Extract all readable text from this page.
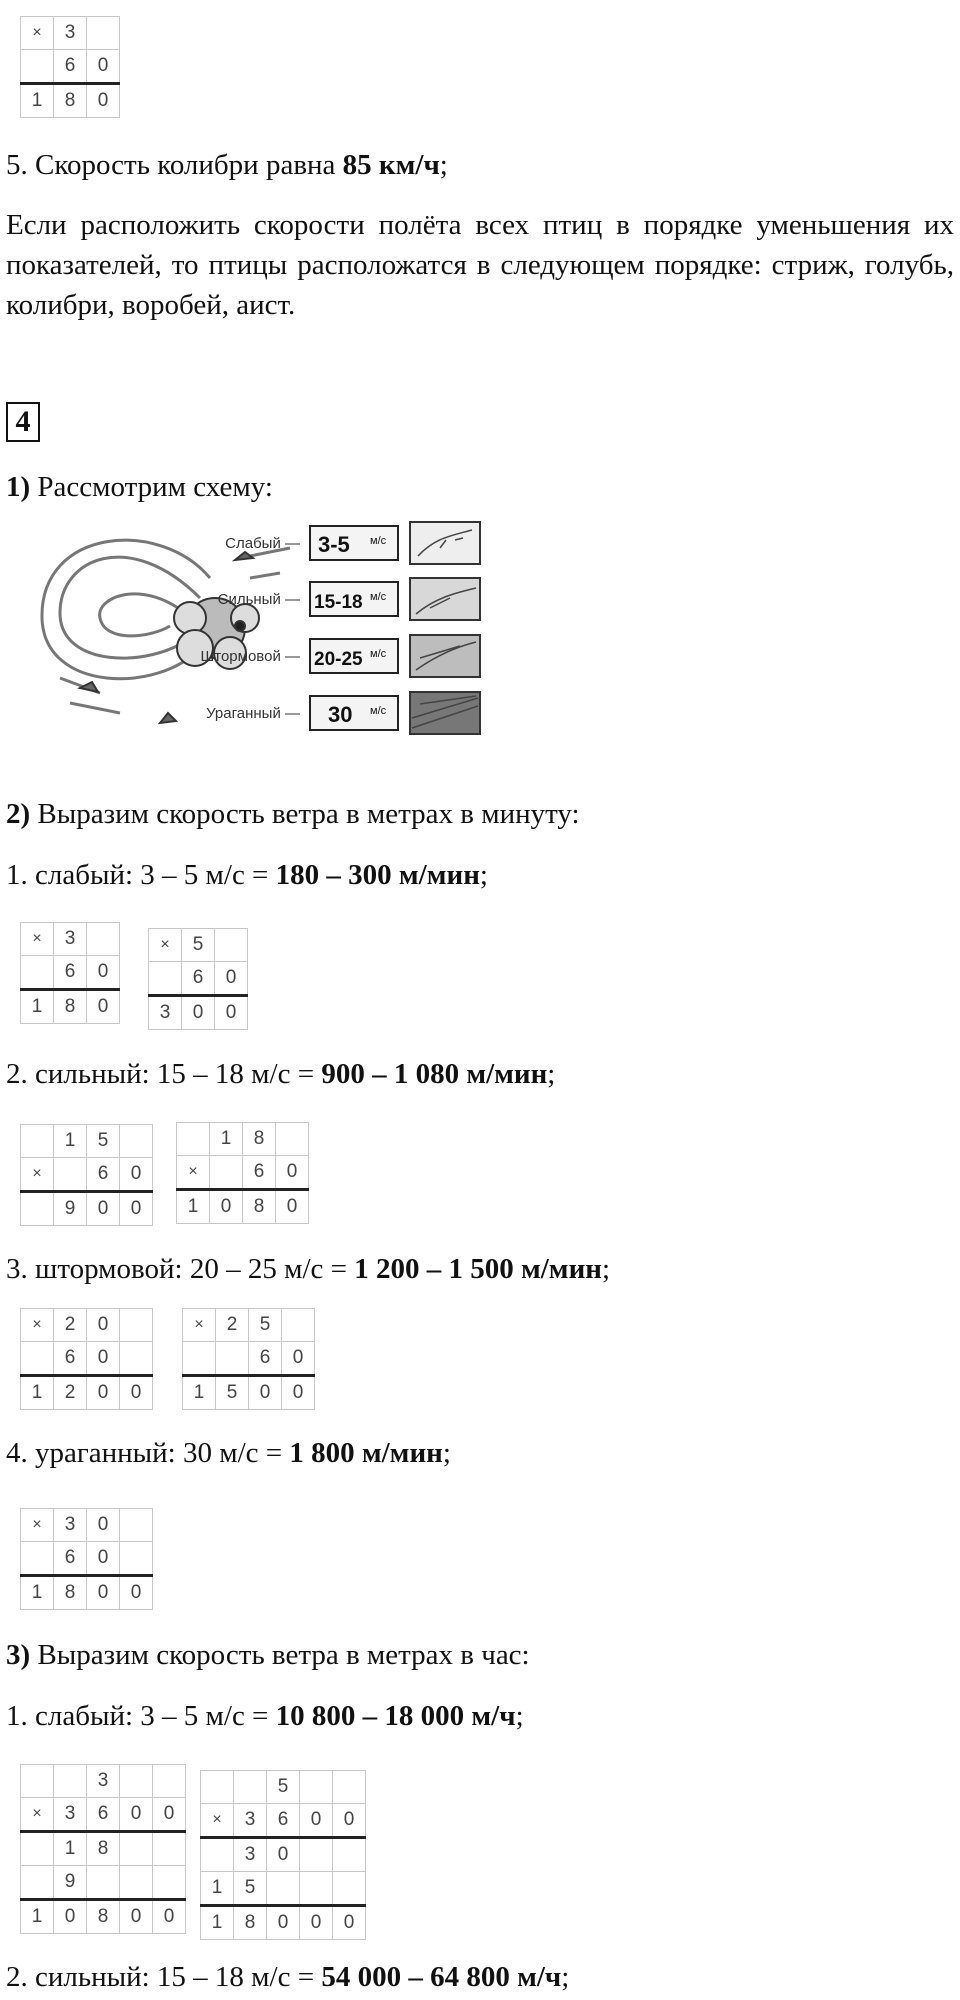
×	3	
	6	0
1	8	0
5. Скорость колибри равна 85 км/ч;
Если расположить скорости полёта всех птиц в порядке уменьшения их показателей, то птицы расположатся в следующем порядке: стриж, голубь, колибри, воробей, аист.
4
1) Рассмотрим схему:
Слабый —
Сильный —
Штормовой —
Ураганный —
3-5
15-18
20-25
30
м/с
м/с
м/с
м/с
2) Выразим скорость ветра в метрах в минуту:
1. слабый: 3 – 5 м/с = 180 – 300 м/мин;
×	3	
	6	0
1	8	0
×	5	
	6	0
3	0	0
2. сильный: 15 – 18 м/с = 900 – 1 080 м/мин;
	1	5	
×		6	0
	9	0	0
	1	8	
×		6	0
1	0	8	0
3. штормовой: 20 – 25 м/с = 1 200 – 1 500 м/мин;
×	2	0	
	6	0	
1	2	0	0
×	2	5	
		6	0
1	5	0	0
4. ураганный: 30 м/с = 1 800 м/мин;
×	3	0	
	6	0	
1	8	0	0
3) Выразим скорость ветра в метрах в час:
1. слабый: 3 – 5 м/с = 10 800 – 18 000 м/ч;
		3		
×	3	6	0	0
	1	8		
	9			
1	0	8	0	0
		5		
×	3	6	0	0
	3	0		
1	5			
1	8	0	0	0
2. сильный: 15 – 18 м/с = 54 000 – 64 800 м/ч;
